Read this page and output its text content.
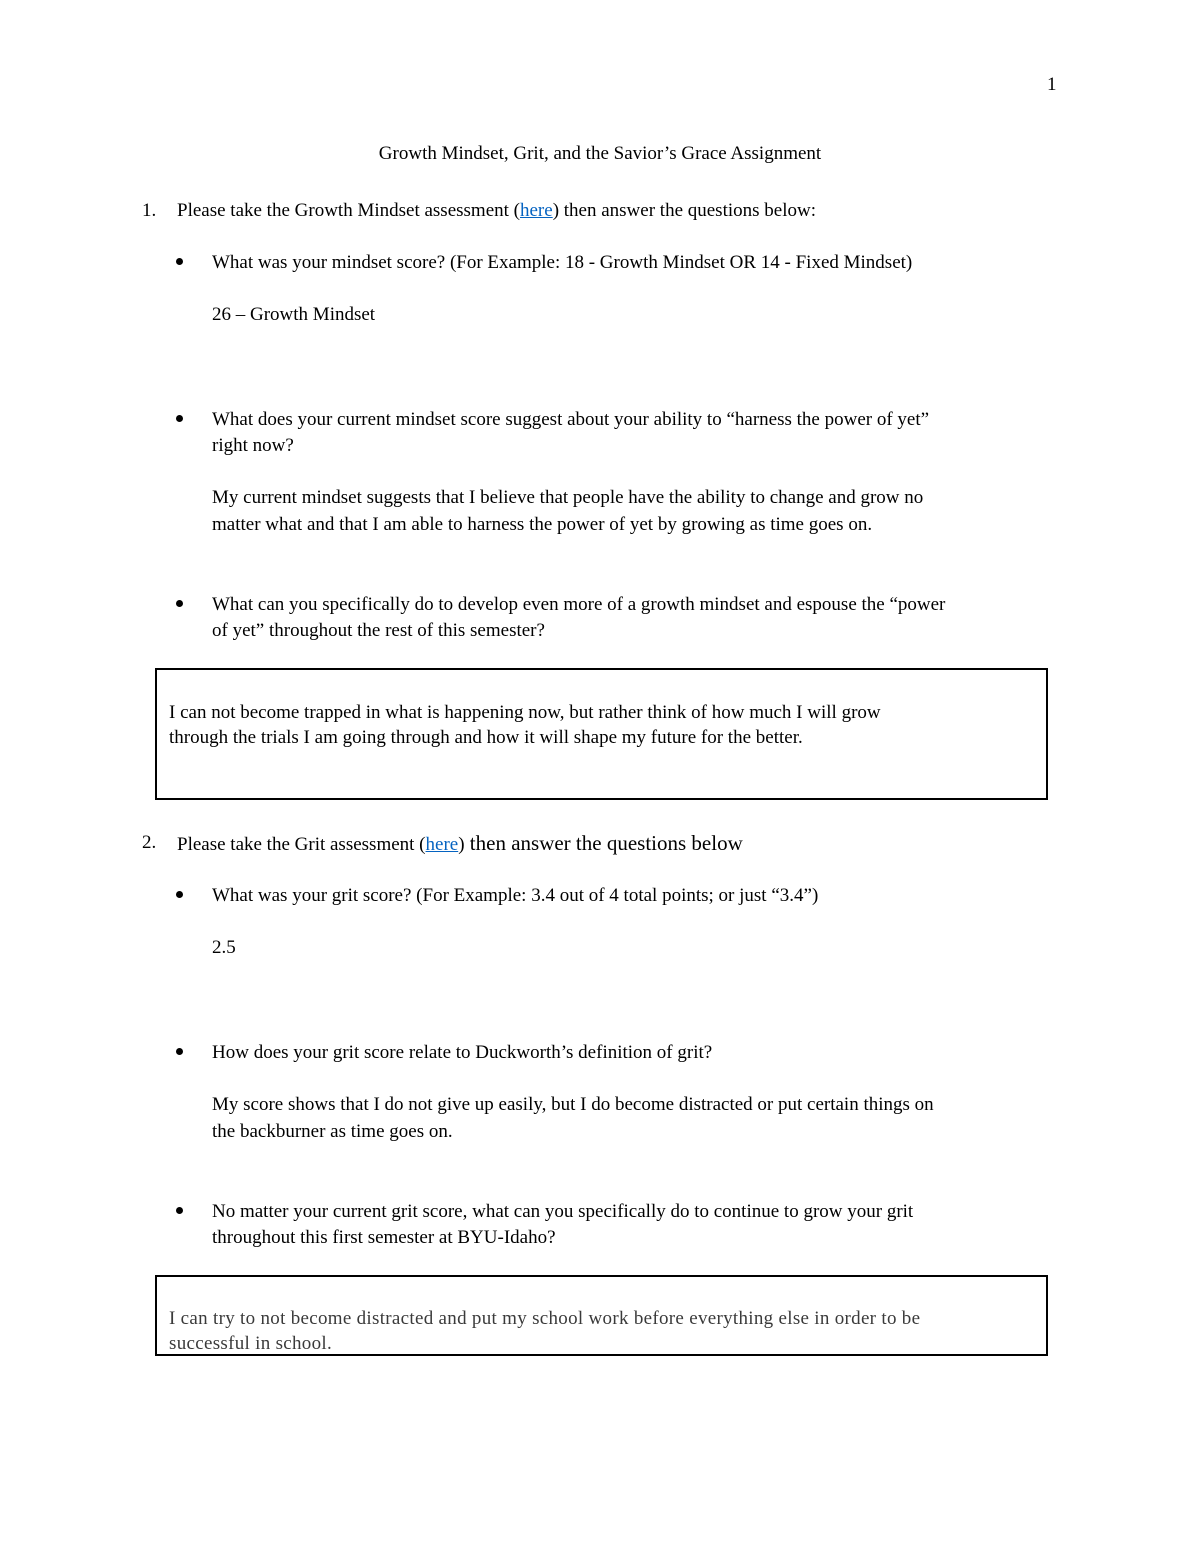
1
Growth Mindset, Grit, and the Savior’s Grace Assignment
1. Please take the Growth Mindset assessment (here) then answer the questions below:
What was your mindset score? (For Example: 18 - Growth Mindset OR 14 - Fixed Mindset)
26 – Growth Mindset
What does your current mindset score suggest about your ability to “harness the power of yet”
right now?
My current mindset suggests that I believe that people have the ability to change and grow no
matter what and that I am able to harness the power of yet by growing as time goes on.
What can you specifically do to develop even more of a growth mindset and espouse the “power
of yet” throughout the rest of this semester?
I can not become trapped in what is happening now, but rather think of how much I will grow
through the trials I am going through and how it will shape my future for the better.
2. Please take the Grit assessment (here) then answer the questions below
What was your grit score? (For Example: 3.4 out of 4 total points; or just “3.4”)
2.5
How does your grit score relate to Duckworth’s definition of grit?
My score shows that I do not give up easily, but I do become distracted or put certain things on
the backburner as time goes on.
No matter your current grit score, what can you specifically do to continue to grow your grit
throughout this first semester at BYU-Idaho?
I can try to not become distracted and put my school work before everything else in order to be
successful in school.
